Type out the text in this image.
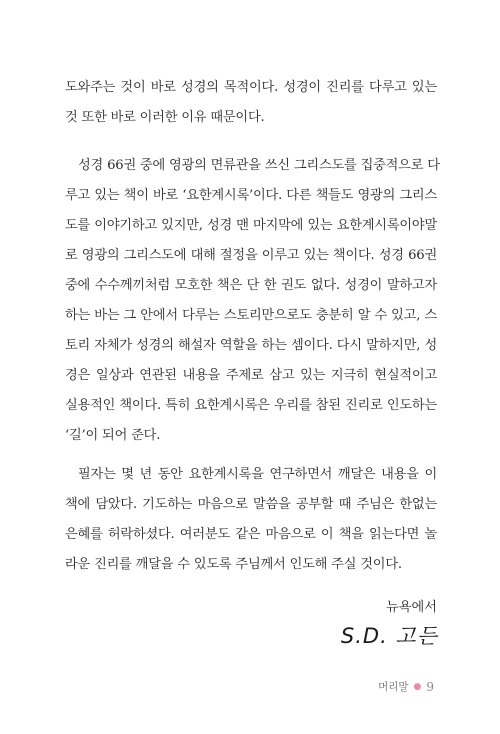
도와주는 것이 바로 성경의 목적이다. 성경이 진리를 다루고 있는
것 또한 바로 이러한 이유 때문이다.
성경 66권 중에 영광의 면류관을 쓰신 그리스도를 집중적으로 다
루고 있는 책이 바로 ‘요한계시록’이다. 다른 책들도 영광의 그리스
도를 이야기하고 있지만, 성경 맨 마지막에 있는 요한계시록이야말
로 영광의 그리스도에 대해 절정을 이루고 있는 책이다. 성경 66권
중에 수수께끼처럼 모호한 책은 단 한 권도 없다. 성경이 말하고자
하는 바는 그 안에서 다루는 스토리만으로도 충분히 알 수 있고, 스
토리 자체가 성경의 해설자 역할을 하는 셈이다. 다시 말하지만, 성
경은 일상과 연관된 내용을 주제로 삼고 있는 지극히 현실적이고
실용적인 책이다. 특히 요한계시록은 우리를 참된 진리로 인도하는
‘길’이 되어 준다.
필자는 몇 년 동안 요한계시록을 연구하면서 깨달은 내용을 이
책에 담았다. 기도하는 마음으로 말씀을 공부할 때 주님은 한없는
은혜를 허락하셨다. 여러분도 같은 마음으로 이 책을 읽는다면 놀
라운 진리를 깨달을 수 있도록 주님께서 인도해 주실 것이다.
뉴욕에서
S.D. 고든
머리말 ● 9
